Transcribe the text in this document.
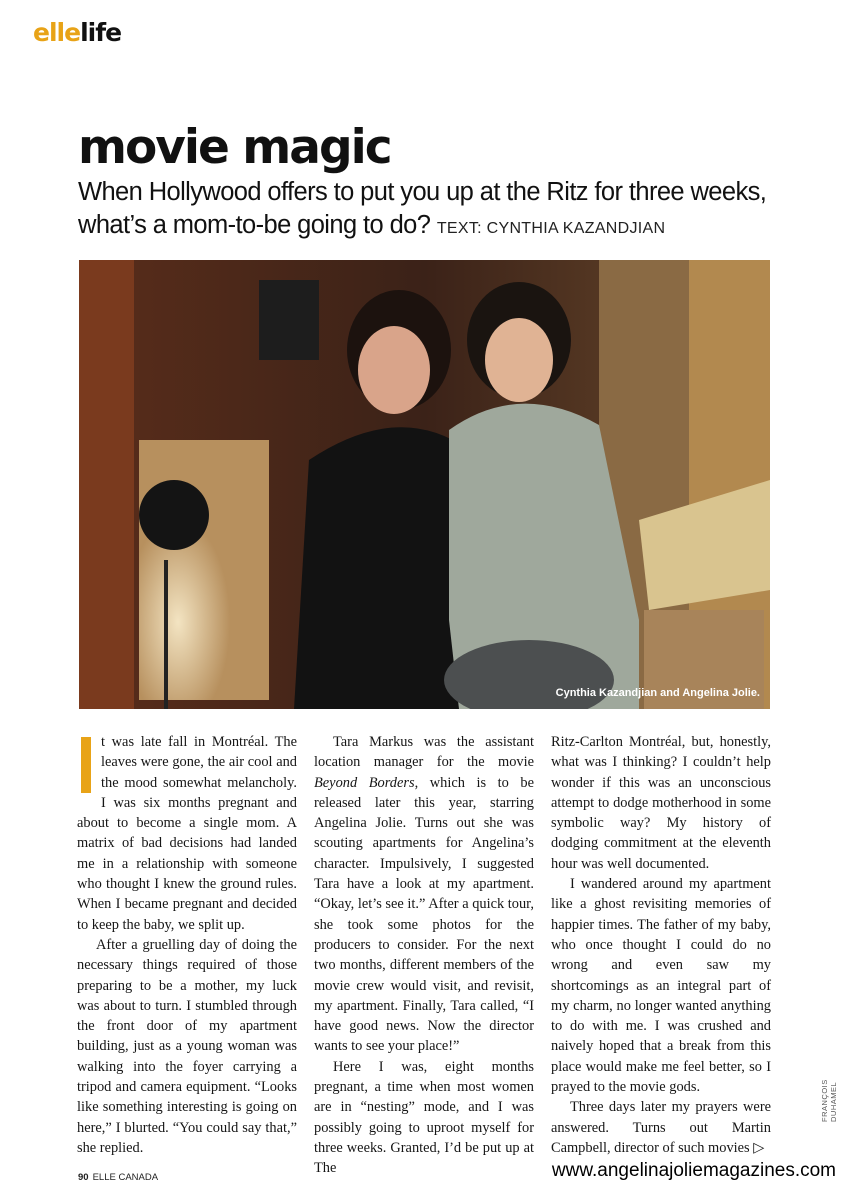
ellelife
movie magic

When Hollywood offers to put you up at the Ritz for three weeks, what’s a mom-to-be going to do? TEXT: CYNTHIA KAZANDJIAN

Cynthia Kazandjian and Angelina Jolie.

t was late fall in Montréal. The leaves were gone, the air cool and the mood somewhat melancholy. I was six months pregnant and about to become a single mom. A matrix of bad decisions had landed me in a relationship with someone who thought I knew the ground rules. When I became pregnant and decided to keep the baby, we split up.

After a gruelling day of doing the necessary things required of those preparing to be a mother, my luck was about to turn. I stumbled through the front door of my apartment building, just as a young woman was walking into the foyer carrying a tripod and camera equipment. “Looks like something interesting is going on here,” I blurted. “You could say that,” she replied.

Tara Markus was the assistant location manager for the movie Beyond Borders, which is to be released later this year, starring Angelina Jolie. Turns out she was scouting apartments for Angelina’s character. Impulsively, I suggested Tara have a look at my apartment. “Okay, let’s see it.” After a quick tour, she took some photos for the producers to consider. For the next two months, different members of the movie crew would visit, and revisit, my apartment. Finally, Tara called, “I have good news. Now the director wants to see your place!”

Here I was, eight months pregnant, a time when most women are in “nesting” mode, and I was possibly going to uproot myself for three weeks. Granted, I’d be put up at The

Ritz-Carlton Montréal, but, honestly, what was I thinking? I couldn’t help wonder if this was an unconscious attempt to dodge motherhood in some symbolic way? My history of dodging commitment at the eleventh hour was well documented.

I wandered around my apartment like a ghost revisiting memories of happier times. The father of my baby, who once thought I could do no wrong and even saw my shortcomings as an integral part of my charm, no longer wanted anything to do with me. I was crushed and naively hoped that a break from this place would make me feel better, so I prayed to the movie gods.

Three days later my prayers were answered. Turns out Martin Campbell, director of such movies ▷

FRANÇOIS DUHAMEL
90 ELLE CANADA	www.angelinajoliemagazines.com
